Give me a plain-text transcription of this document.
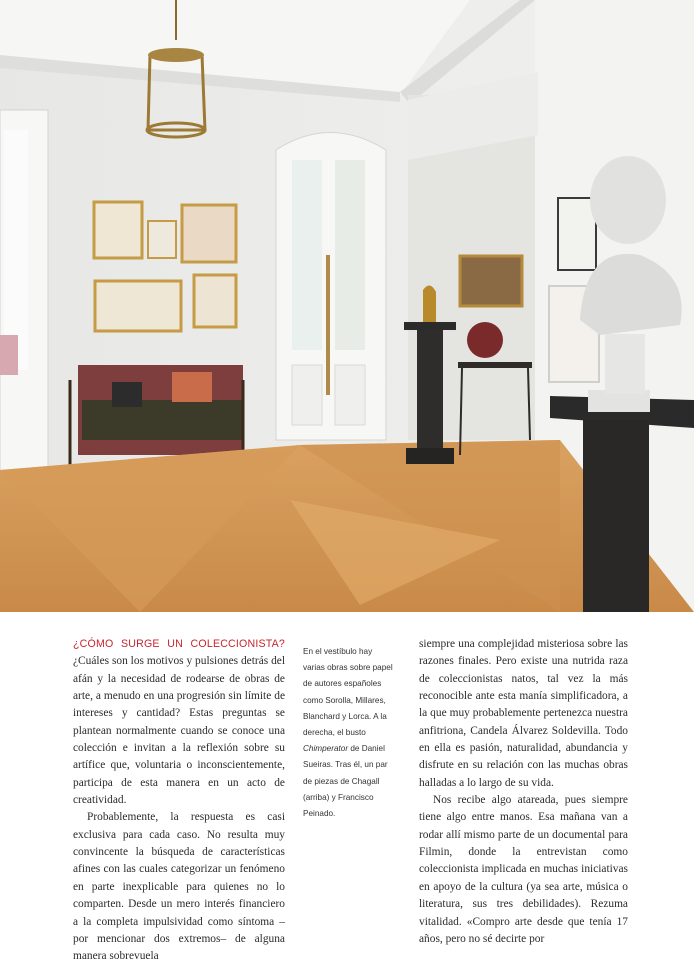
¿CÓMO SURGE UN COLECCIONISTA? ¿Cuáles son los motivos y pulsiones detrás del afán y la necesidad de rodearse de obras de arte, a menudo en una progresión sin límite de intereses y cantidad? Estas preguntas se plantean normalmente cuando se conoce una colección e invitan a la reflexión sobre su artífice que, voluntaria o inconscientemente, participa de esta manera en un acto de creatividad.

Probablemente, la respuesta es casi exclusiva para cada caso. No resulta muy convincente la búsqueda de características afines con las cuales categorizar un fenómeno en parte inexplicable para quienes no lo comparten. Desde un mero interés financiero a la completa impulsividad como síntoma –por mencionar dos extremos– de alguna manera sobrevuela

En el vestíbulo hay varias obras sobre papel de autores españoles como Sorolla, Millares, Blanchard y Lorca. A la derecha, el busto Chimperator de Daniel Sueiras. Tras él, un par de piezas de Chagall (arriba) y Francisco Peinado.

siempre una complejidad misteriosa sobre las razones finales. Pero existe una nutrida raza de coleccionistas natos, tal vez la más reconocible ante esta manía simplificadora, a la que muy probablemente pertenezca nuestra anfitriona, Candela Álvarez Soldevilla. Todo en ella es pasión, naturalidad, abundancia y disfrute en su relación con las muchas obras halladas a lo largo de su vida.

Nos recibe algo atareada, pues siempre tiene algo entre manos. Esa mañana van a rodar allí mismo parte de un documental para Filmin, donde la entrevistan como coleccionista implicada en muchas iniciativas en apoyo de la cultura (ya sea arte, música o literatura, sus tres debilidades). Rezuma vitalidad. «Compro arte desde que tenía 17 años, pero no sé decirte por
